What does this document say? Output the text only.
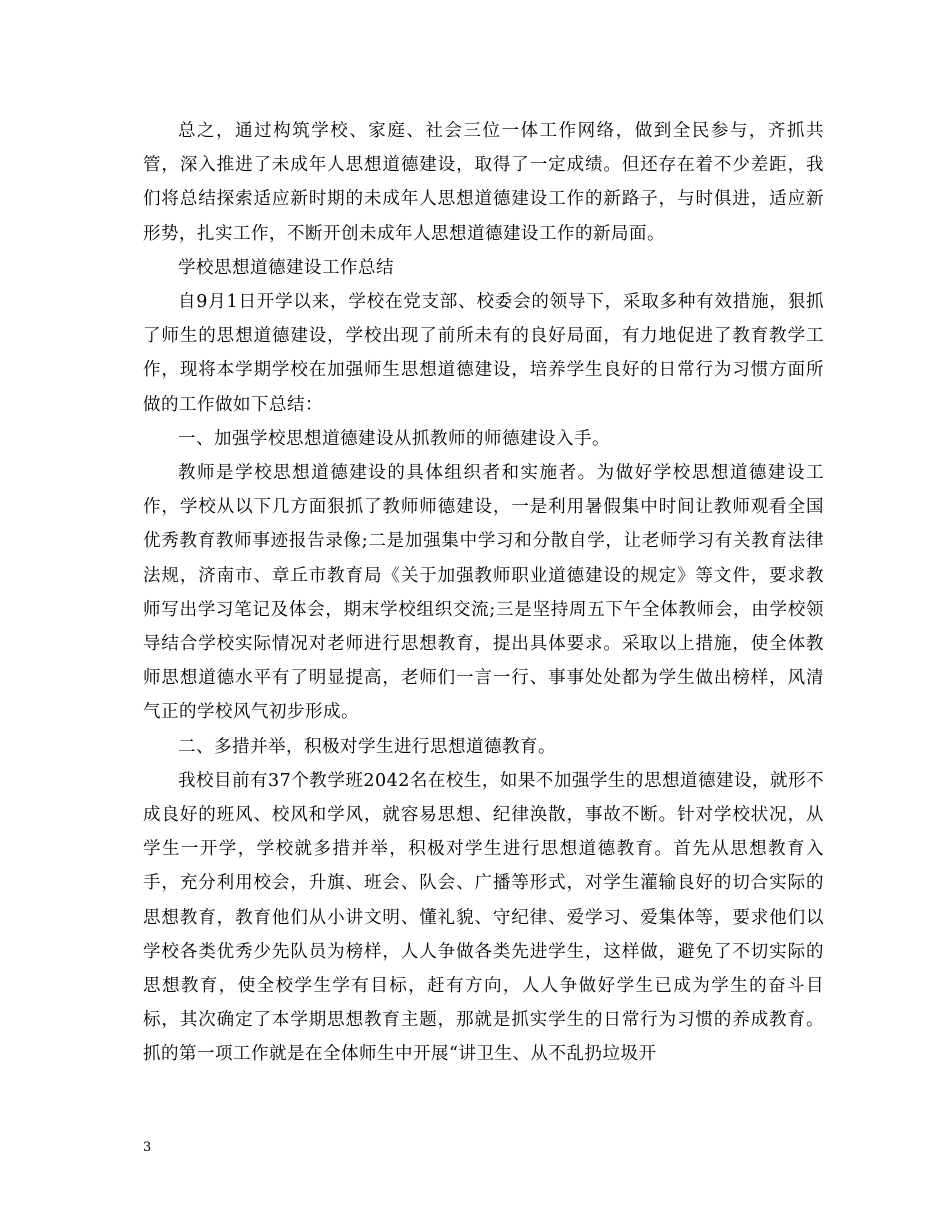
总之，通过构筑学校、家庭、社会三位一体工作网络，做到全民参与，齐抓共管，深入推进了未成年人思想道德建设，取得了一定成绩。但还存在着不少差距，我们将总结探索适应新时期的未成年人思想道德建设工作的新路子，与时俱进，适应新形势，扎实工作，不断开创未成年人思想道德建设工作的新局面。

学校思想道德建设工作总结

自9月1日开学以来，学校在党支部、校委会的领导下，采取多种有效措施，狠抓了师生的思想道德建设，学校出现了前所未有的良好局面，有力地促进了教育教学工作，现将本学期学校在加强师生思想道德建设，培养学生良好的日常行为习惯方面所做的工作做如下总结：

一、加强学校思想道德建设从抓教师的师德建设入手。

教师是学校思想道德建设的具体组织者和实施者。为做好学校思想道德建设工作，学校从以下几方面狠抓了教师师德建设，一是利用暑假集中时间让教师观看全国优秀教育教师事迹报告录像;二是加强集中学习和分散自学，让老师学习有关教育法律法规，济南市、章丘市教育局《关于加强教师职业道德建设的规定》等文件，要求教师写出学习笔记及体会，期末学校组织交流;三是坚持周五下午全体教师会，由学校领导结合学校实际情况对老师进行思想教育，提出具体要求。采取以上措施，使全体教师思想道德水平有了明显提高，老师们一言一行、事事处处都为学生做出榜样，风清气正的学校风气初步形成。

二、多措并举，积极对学生进行思想道德教育。

我校目前有37个教学班2042名在校生，如果不加强学生的思想道德建设，就形不成良好的班风、校风和学风，就容易思想、纪律涣散，事故不断。针对学校状况，从学生一开学，学校就多措并举，积极对学生进行思想道德教育。首先从思想教育入手，充分利用校会，升旗、班会、队会、广播等形式，对学生灌输良好的切合实际的思想教育，教育他们从小讲文明、懂礼貌、守纪律、爱学习、爱集体等，要求他们以学校各类优秀少先队员为榜样，人人争做各类先进学生，这样做，避免了不切实际的思想教育，使全校学生学有目标，赶有方向，人人争做好学生已成为学生的奋斗目标，其次确定了本学期思想教育主题，那就是抓实学生的日常行为习惯的养成教育。抓的第一项工作就是在全体师生中开展“讲卫生、从不乱扔垃圾开

3
